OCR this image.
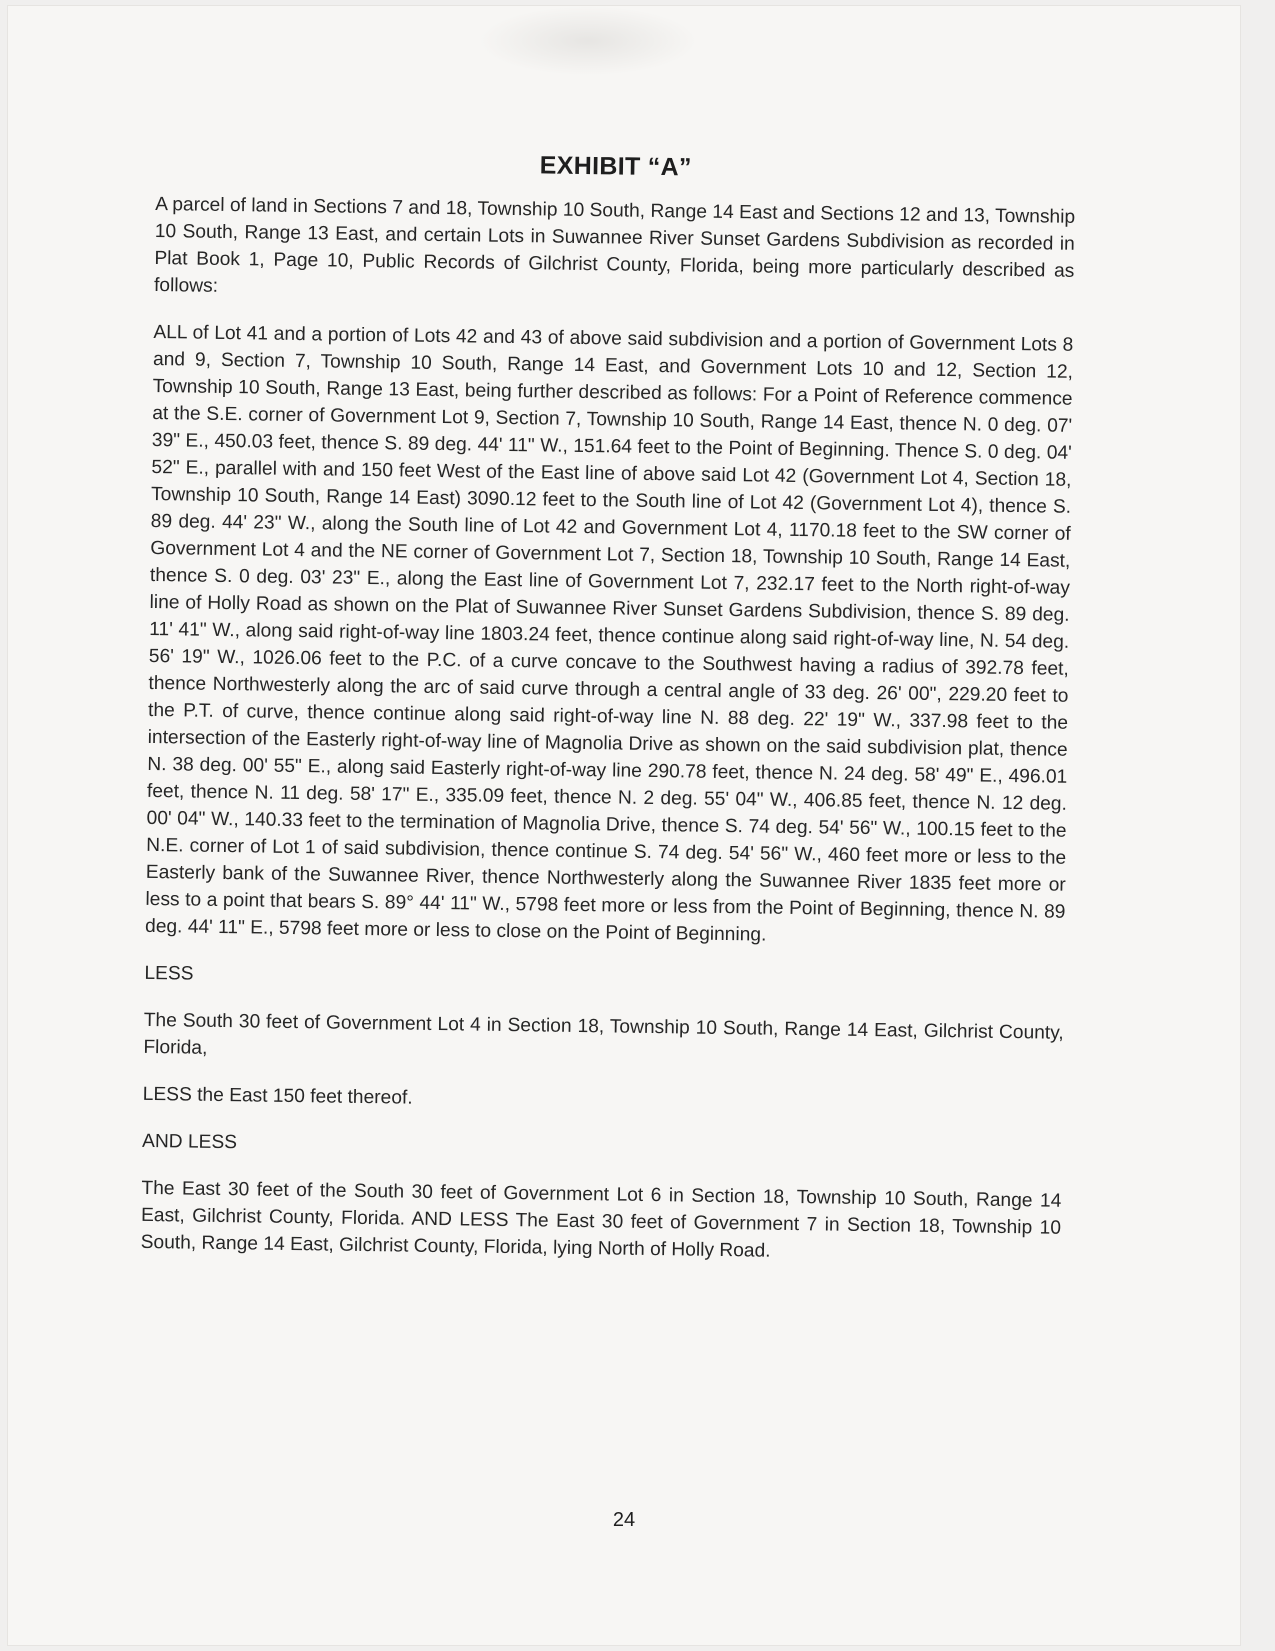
EXHIBIT “A”

A parcel of land in Sections 7 and 18, Township 10 South, Range 14 East and Sections 12 and 13, Township 10 South, Range 13 East, and certain Lots in Suwannee River Sunset Gardens Subdivision as recorded in Plat Book 1, Page 10, Public Records of Gilchrist County, Florida, being more particularly described as follows:

ALL of Lot 41 and a portion of Lots 42 and 43 of above said subdivision and a portion of Government Lots 8 and 9, Section 7, Township 10 South, Range 14 East, and Government Lots 10 and 12, Section 12, Township 10 South, Range 13 East, being further described as follows: For a Point of Reference commence at the S.E. corner of Government Lot 9, Section 7, Township 10 South, Range 14 East, thence N. 0 deg. 07' 39" E., 450.03 feet, thence S. 89 deg. 44' 11" W., 151.64 feet to the Point of Beginning. Thence S. 0 deg. 04' 52" E., parallel with and 150 feet West of the East line of above said Lot 42 (Government Lot 4, Section 18, Township 10 South, Range 14 East) 3090.12 feet to the South line of Lot 42 (Government Lot 4), thence S. 89 deg. 44' 23" W., along the South line of Lot 42 and Government Lot 4, 1170.18 feet to the SW corner of Government Lot 4 and the NE corner of Government Lot 7, Section 18, Township 10 South, Range 14 East, thence S. 0 deg. 03' 23" E., along the East line of Government Lot 7, 232.17 feet to the North right-of-way line of Holly Road as shown on the Plat of Suwannee River Sunset Gardens Subdivision, thence S. 89 deg. 11' 41" W., along said right-of-way line 1803.24 feet, thence continue along said right-of-way line, N. 54 deg. 56' 19" W., 1026.06 feet to the P.C. of a curve concave to the Southwest having a radius of 392.78 feet, thence Northwesterly along the arc of said curve through a central angle of 33 deg. 26' 00", 229.20 feet to the P.T. of curve, thence continue along said right-of-way line N. 88 deg. 22' 19" W., 337.98 feet to the intersection of the Easterly right-of-way line of Magnolia Drive as shown on the said subdivision plat, thence N. 38 deg. 00' 55" E., along said Easterly right-of-way line 290.78 feet, thence N. 24 deg. 58' 49" E., 496.01 feet, thence N. 11 deg. 58' 17" E., 335.09 feet, thence N. 2 deg. 55' 04" W., 406.85 feet, thence N. 12 deg. 00' 04" W., 140.33 feet to the termination of Magnolia Drive, thence S. 74 deg. 54' 56" W., 100.15 feet to the N.E. corner of Lot 1 of said subdivision, thence continue S. 74 deg. 54' 56" W., 460 feet more or less to the Easterly bank of the Suwannee River, thence Northwesterly along the Suwannee River 1835 feet more or less to a point that bears S. 89° 44' 11" W., 5798 feet more or less from the Point of Beginning, thence N. 89 deg. 44' 11" E., 5798 feet more or less to close on the Point of Beginning.

LESS

The South 30 feet of Government Lot 4 in Section 18, Township 10 South, Range 14 East, Gilchrist County, Florida,

LESS the East 150 feet thereof.

AND LESS

The East 30 feet of the South 30 feet of Government Lot 6 in Section 18, Township 10 South, Range 14 East, Gilchrist County, Florida. AND LESS The East 30 feet of Government 7 in Section 18, Township 10 South, Range 14 East, Gilchrist County, Florida, lying North of Holly Road.

24
